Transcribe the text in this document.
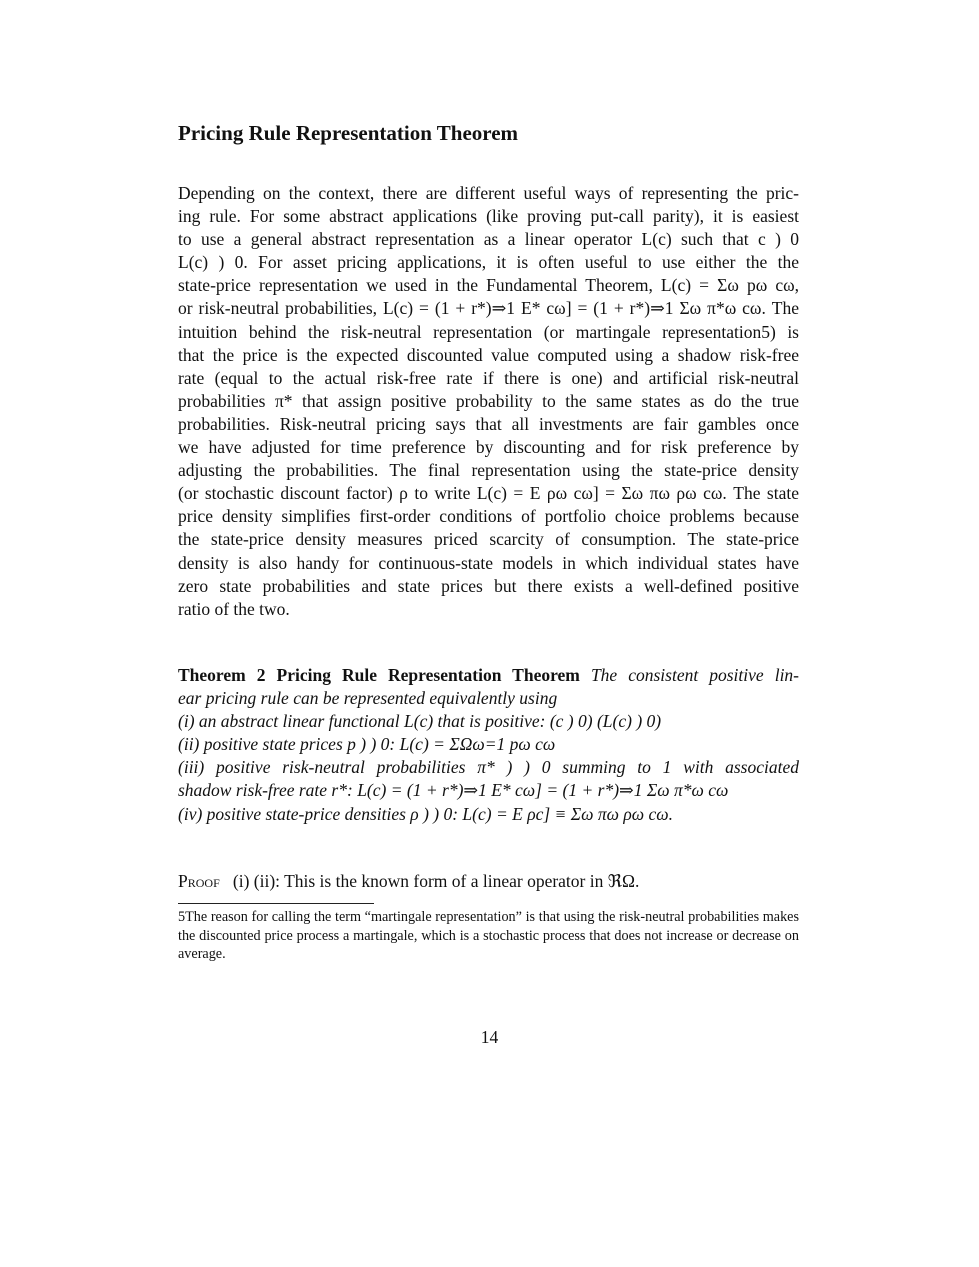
Pricing Rule Representation Theorem
Depending on the context, there are different useful ways of representing the pric-
ing rule. For some abstract applications (like proving put-call parity), it is easiest
to use a general abstract representation as a linear operator L(c) such that c ) 0
L(c) ) 0. For asset pricing applications, it is often useful to use either the the
state-price representation we used in the Fundamental Theorem, L(c) = Σω pω cω,
or risk-neutral probabilities, L(c) = (1 + r*)⇒1 E* cω] = (1 + r*)⇒1 Σω π*ω cω. The
intuition behind the risk-neutral representation (or martingale representation5) is
that the price is the expected discounted value computed using a shadow risk-free
rate (equal to the actual risk-free rate if there is one) and artificial risk-neutral
probabilities π* that assign positive probability to the same states as do the true
probabilities. Risk-neutral pricing says that all investments are fair gambles once
we have adjusted for time preference by discounting and for risk preference by
adjusting the probabilities. The final representation using the state-price density
(or stochastic discount factor) ρ to write L(c) = E ρω cω] = Σω πω ρω cω. The state
price density simplifies first-order conditions of portfolio choice problems because
the state-price density measures priced scarcity of consumption. The state-price
density is also handy for continuous-state models in which individual states have
zero state probabilities and state prices but there exists a well-defined positive
ratio of the two.
Theorem 2 Pricing Rule Representation Theorem The consistent positive lin-
ear pricing rule can be represented equivalently using
(i) an abstract linear functional L(c) that is positive: (c ) 0) (L(c) ) 0)
(ii) positive state prices p ) ) 0: L(c) = ΣΩω=1 pω cω
(iii) positive risk-neutral probabilities π* ) ) 0 summing to 1 with associated
shadow risk-free rate r*: L(c) = (1 + r*)⇒1 E* cω] = (1 + r*)⇒1 Σω π*ω cω
(iv) positive state-price densities ρ ) ) 0: L(c) = E ρc] ≡ Σω πω ρω cω.

Proof (i) (ii): This is the known form of a linear operator in ℜΩ.

5The reason for calling the term “martingale representation” is that using the risk-neutral probabilities makes the discounted price process a martingale, which is a stochastic process that does not increase or decrease on average.

14
